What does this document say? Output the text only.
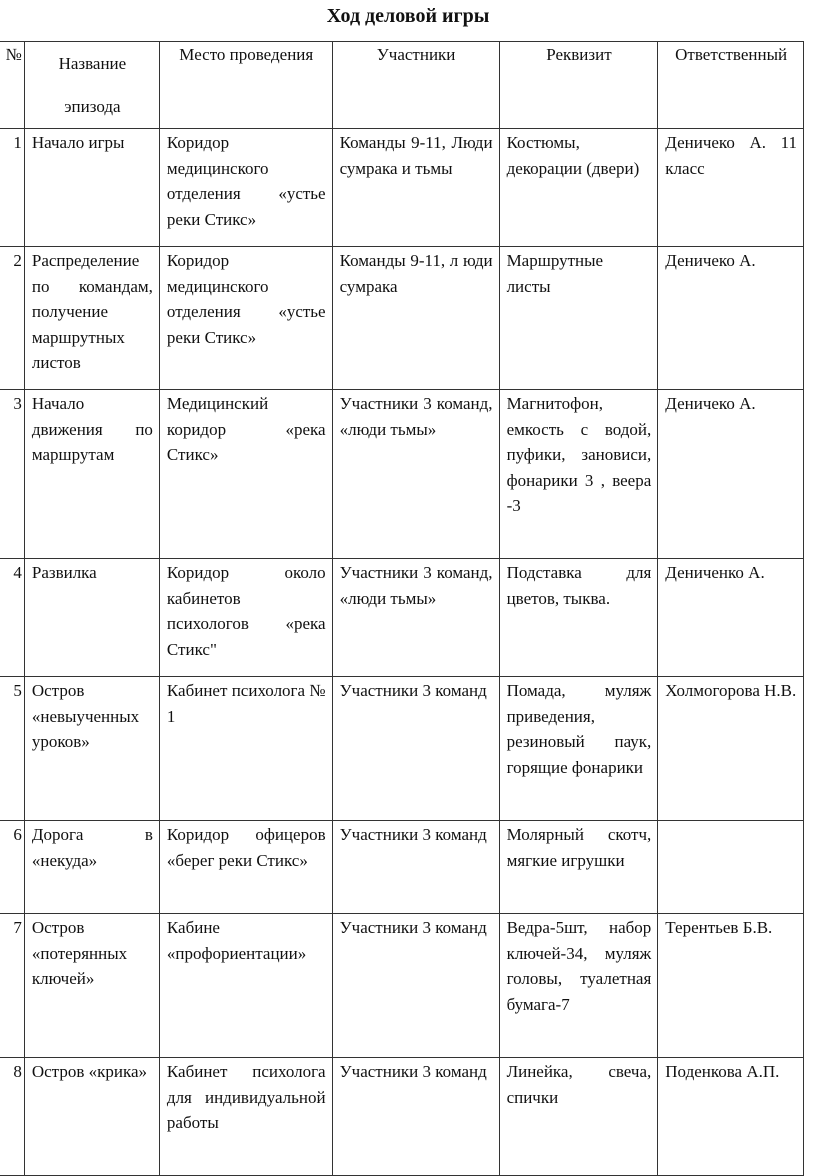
Ход деловой игры
№	Название эпизода	Место проведения	Участники	Реквизит	Ответственный
1	Начало игры	Коридор медицинского отделения «устье реки Стикс»	Команды 9-11, Люди сумрака и тьмы	Костюмы, декорации (двери)	Деничеко А. 11 класс
2	Распределение по командам, получение маршрутных листов	Коридор медицинского отделения «устье реки Стикс»	Команды 9-11, л юди сумрака	Маршрутные листы	Деничеко А.
3	Начало движения по маршрутам	Медицинский коридор «река Стикс»	Участники 3 команд, «люди тьмы»	Магнитофон, емкость с водой, пуфики, занoвиси, фонарики 3 , веера -3	Деничеко А.
4	Развилка	Коридор около кабинетов психологов «река Стикс"	Участники 3 команд, «люди тьмы»	Подставка для цветов, тыква.	Деничeнко А.
5	Остров «невыученных уроков»	Кабинет психолога № 1	Участники 3 команд	Помада, муляж приведения, резиновый паук, горящие фонарики	Холмогорова Н.В.
6	Дорога в «некуда»	Коридор офицеров «берег реки Стикс»	Участники 3 команд	Молярный скотч, мягкие игрушки	
7	Остров «потерянных ключей»	Кабине «профориентации»	Участники 3 команд	Ведра-5шт, набор ключей-34, муляж головы, туалетная бумага-7	Терентьев Б.В.
8	Остров «крика»	Кабинет психолога для индивидуальной работы	Участники 3 команд	Линейка, свеча, спички	Поденкова А.П.
